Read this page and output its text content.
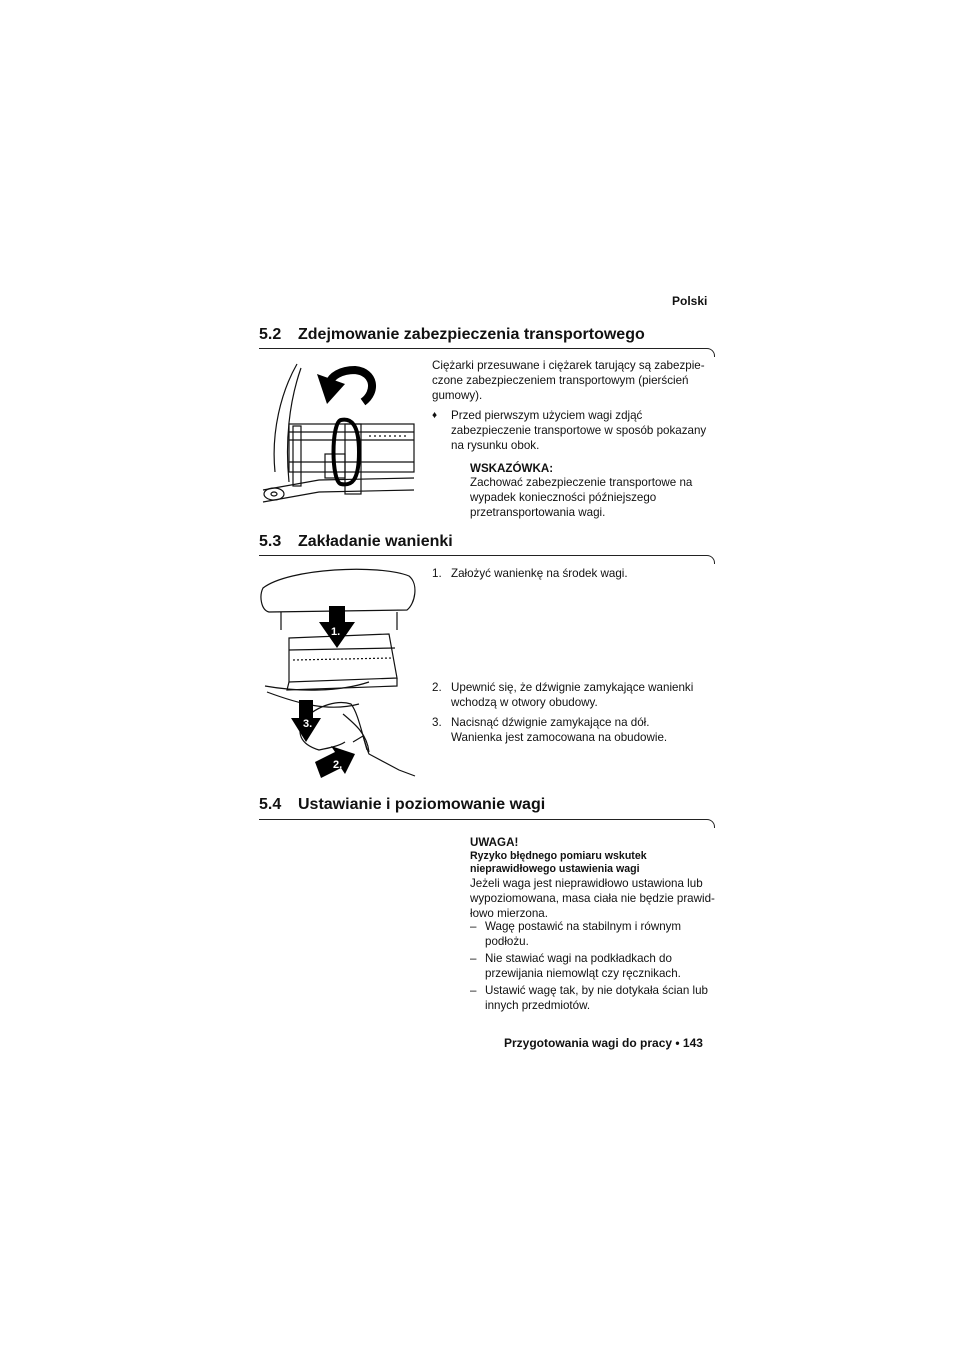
Polski
5.2 Zdejmowanie zabezpieczenia transportowego
Ciężarki przesuwane i ciężarek tarujący są zabezpie-
czone zabezpieczeniem transportowym (pierścień
gumowy).
♦ Przed pierwszym użyciem wagi zdjąć
zabezpieczenie transportowe w sposób pokazany
na rysunku obok.
WSKAZÓWKA:
Zachować zabezpieczenie transportowe na
wypadek konieczności późniejszego
przetransportowania wagi.
5.3 Zakładanie wanienki
1.
3.
2.
1. Założyć wanienkę na środek wagi.
2. Upewnić się, że dźwignie zamykające wanienki
wchodzą w otwory obudowy.
3. Nacisnąć dźwignie zamykające na dół.
Wanienka jest zamocowana na obudowie.
5.4 Ustawianie i poziomowanie wagi
UWAGA!
Ryzyko błędnego pomiaru wskutek
nieprawidłowego ustawienia wagi
Jeżeli waga jest nieprawidłowo ustawiona lub
wypoziomowana, masa ciała nie będzie prawid-
łowo mierzona.
– Wagę postawić na stabilnym i równym
podłożu.
– Nie stawiać wagi na podkładkach do
przewijania niemowląt czy ręcznikach.
– Ustawić wagę tak, by nie dotykała ścian lub
innych przedmiotów.
Przygotowania wagi do pracy • 143
